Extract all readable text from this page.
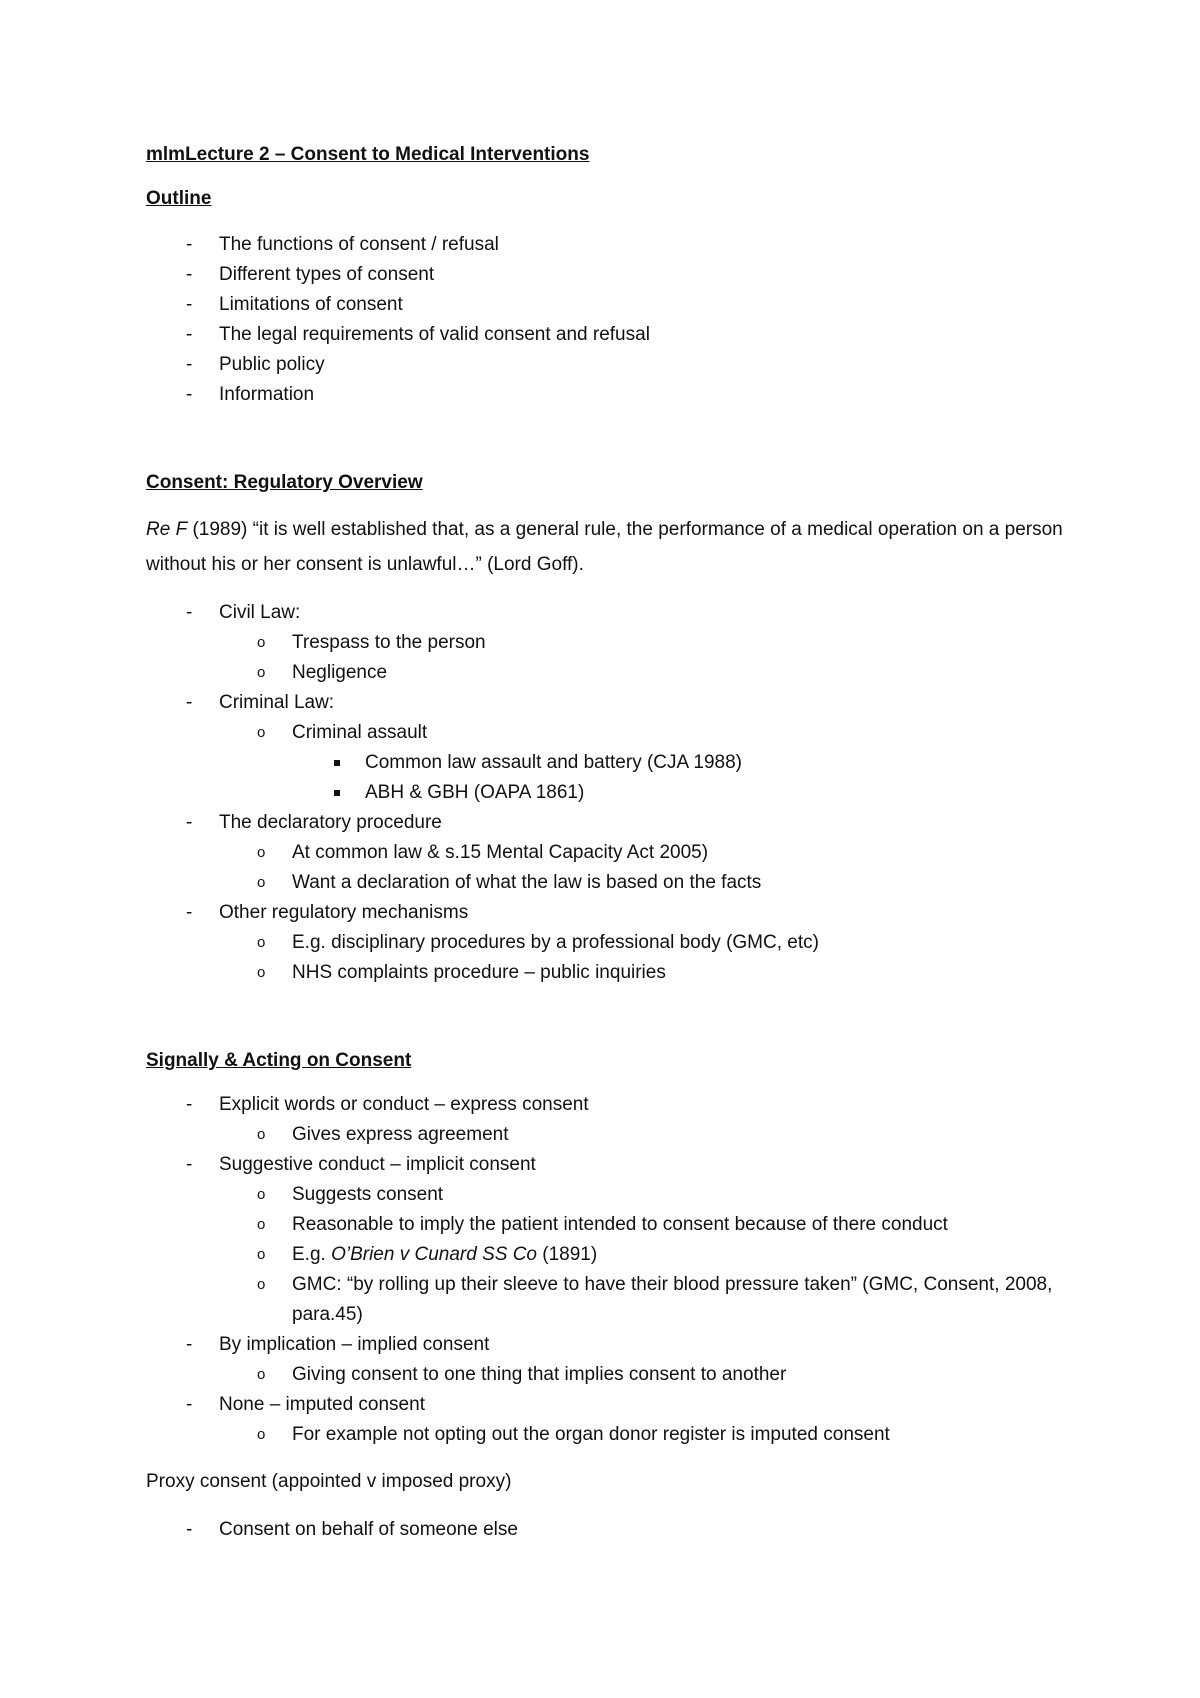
mlmLecture 2 – Consent to Medical Interventions

Outline

- The functions of consent / refusal
- Different types of consent
- Limitations of consent
- The legal requirements of valid consent and refusal
- Public policy
- Information

Consent: Regulatory Overview

Re F (1989) “it is well established that, as a general rule, the performance of a medical operation on a person without his or her consent is unlawful…” (Lord Goff).

- Civil Law:
o Trespass to the person
o Negligence
- Criminal Law:
o Criminal assault
Common law assault and battery (CJA 1988)
ABH & GBH (OAPA 1861)
- The declaratory procedure
o At common law & s.15 Mental Capacity Act 2005)
o Want a declaration of what the law is based on the facts
- Other regulatory mechanisms
o E.g. disciplinary procedures by a professional body (GMC, etc)
o NHS complaints procedure – public inquiries

Signally & Acting on Consent

- Explicit words or conduct – express consent
o Gives express agreement
- Suggestive conduct – implicit consent
o Suggests consent
o Reasonable to imply the patient intended to consent because of there conduct
o E.g. O’Brien v Cunard SS Co (1891)
o GMC: “by rolling up their sleeve to have their blood pressure taken” (GMC, Consent, 2008, para.45)
- By implication – implied consent
o Giving consent to one thing that implies consent to another
- None – imputed consent
o For example not opting out the organ donor register is imputed consent

Proxy consent (appointed v imposed proxy)

- Consent on behalf of someone else
